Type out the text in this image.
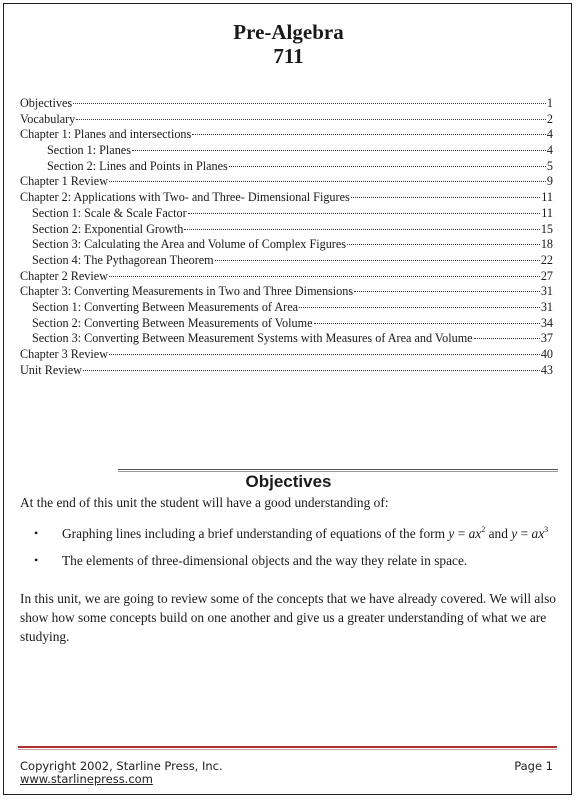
Pre-Algebra
711
Objectives	1
Vocabulary	2
Chapter 1: Planes and intersections	4
Section 1: Planes	4
Section 2: Lines and Points in Planes	5
Chapter 1 Review	9
Chapter 2: Applications with Two- and Three- Dimensional Figures	11
Section 1: Scale & Scale Factor	11
Section 2: Exponential Growth	15
Section 3: Calculating the Area and Volume of Complex Figures	18
Section 4: The Pythagorean Theorem	22
Chapter 2 Review	27
Chapter 3: Converting Measurements in Two and Three Dimensions	31
Section 1: Converting Between Measurements of Area	31
Section 2: Converting Between Measurements of Volume	34
Section 3: Converting Between Measurement Systems with Measures of Area and Volume	37
Chapter 3 Review	40
Unit Review	43
Objectives
At the end of this unit the student will have a good understanding of:
• Graphing lines including a brief understanding of equations of the form $y = ax^2$ and $y = ax^3$
• The elements of three-dimensional objects and the way they relate in space.
In this unit, we are going to review some of the concepts that we have already covered. We will also show how some concepts build on one another and give us a greater understanding of what we are studying.
Copyright 2002, Starline Press, Inc.
www.starlinepress.com
Page 1
